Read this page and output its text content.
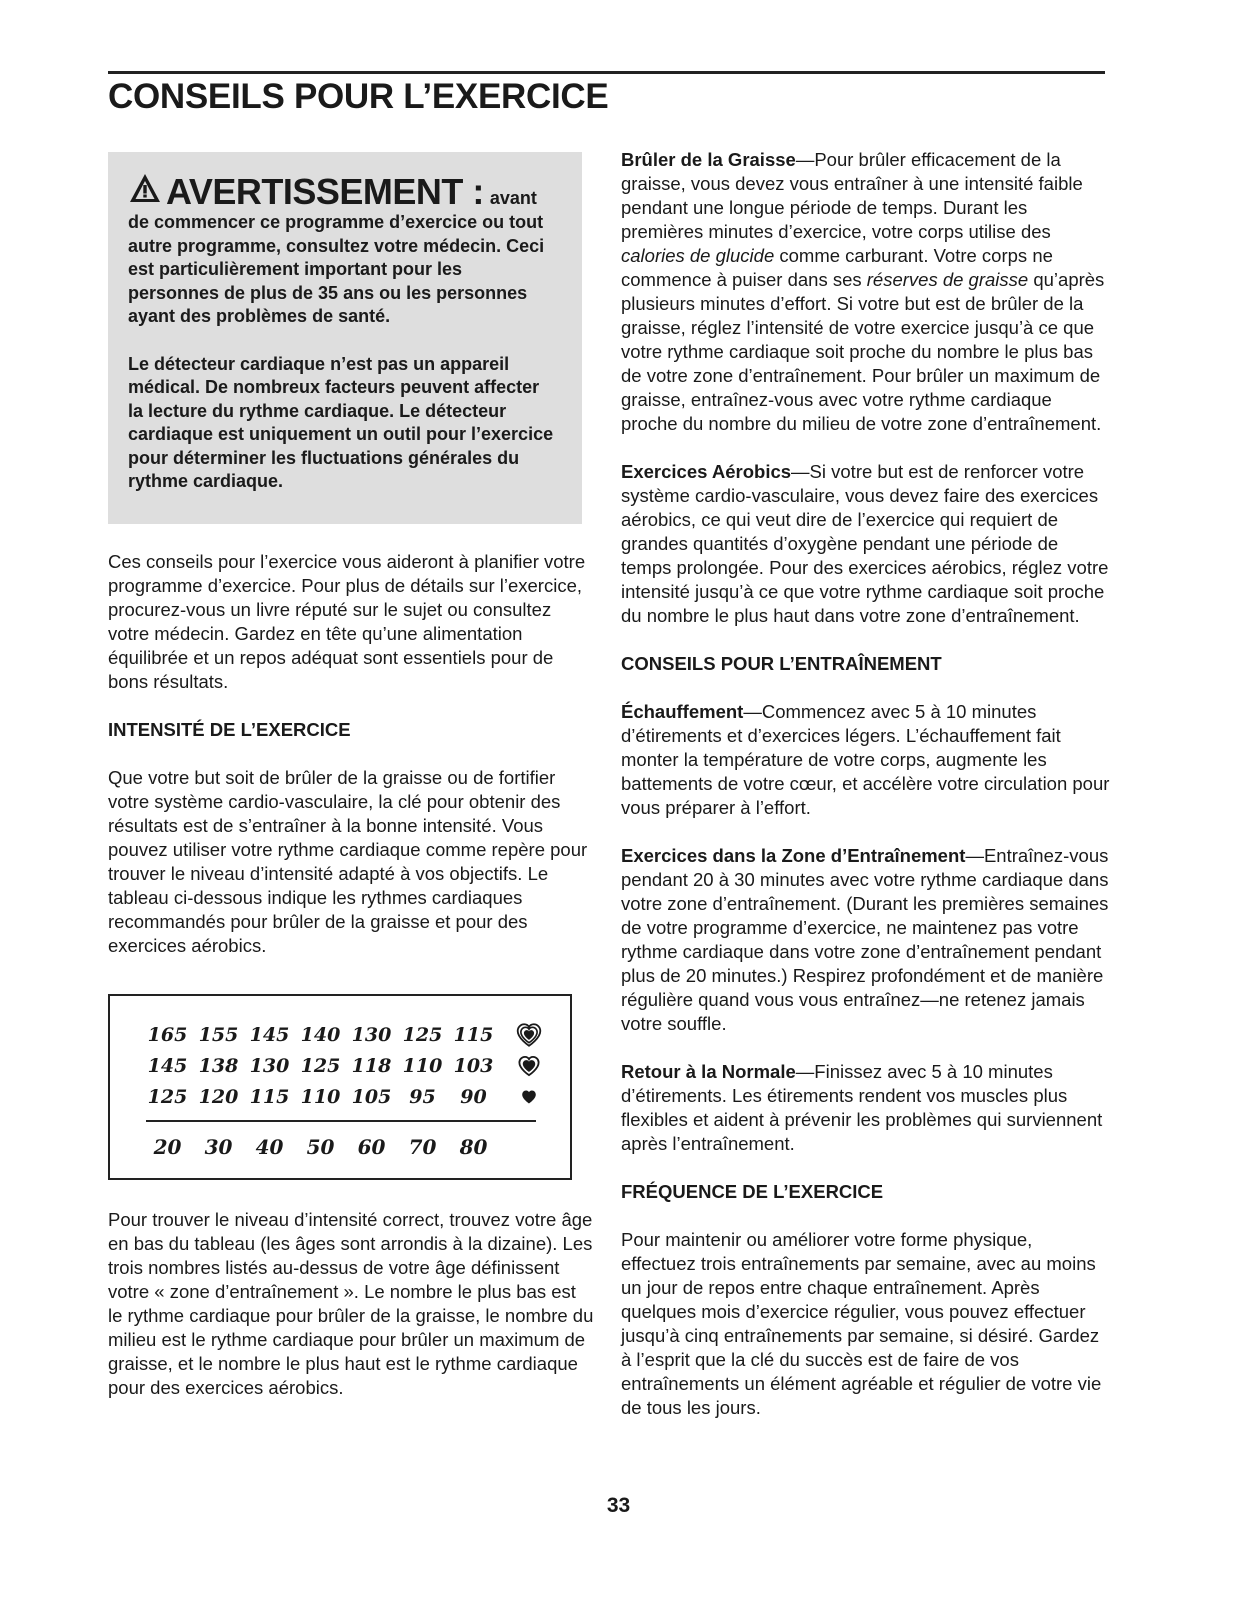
CONSEILS POUR L’EXERCICE
AVERTISSEMENT : avant

de commencer ce programme d’exercice ou tout autre programme, consultez votre médecin. Ceci est particulièrement important pour les personnes de plus de 35 ans ou les personnes ayant des problèmes de santé.

Le détecteur cardiaque n’est pas un appareil médical. De nombreux facteurs peuvent affecter la lecture du rythme cardiaque. Le détecteur cardiaque est uniquement un outil pour l’exercice pour déterminer les fluctuations générales du rythme cardiaque.

Ces conseils pour l’exercice vous aideront à planifier votre programme d’exercice. Pour plus de détails sur l’exercice, procurez-vous un livre réputé sur le sujet ou consultez votre médecin. Gardez en tête qu’une alimentation équilibrée et un repos adéquat sont essentiels pour de bons résultats.

INTENSITÉ DE L’EXERCICE

Que votre but soit de brûler de la graisse ou de fortifier votre système cardio-vasculaire, la clé pour obtenir des résultats est de s’entraîner à la bonne intensité. Vous pouvez utiliser votre rythme cardiaque comme repère pour trouver le niveau d’intensité adapté à vos objectifs. Le tableau ci-dessous indique les rythmes cardiaques recommandés pour brûler de la graisse et pour des exercices aérobics.

165 155 145 140 130 125 115
145 138 130 125 118 110 103
125 120 115 110 105 95	90
20	30	40	50	60	70	80

Pour trouver le niveau d’intensité correct, trouvez votre âge en bas du tableau (les âges sont arrondis à la dizaine). Les trois nombres listés au-dessus de votre âge définissent votre « zone d’entraînement ». Le nombre le plus bas est le rythme cardiaque pour brûler de la graisse, le nombre du milieu est le rythme cardiaque pour brûler un maximum de graisse, et le nombre le plus haut est le rythme cardiaque pour des exercices aérobics.

Brûler de la Graisse—Pour brûler efficacement de la graisse, vous devez vous entraîner à une intensité faible pendant une longue période de temps. Durant les premières minutes d’exercice, votre corps utilise des calories de glucide comme carburant. Votre corps ne commence à puiser dans ses réserves de graisse qu’après plusieurs minutes d’effort. Si votre but est de brûler de la graisse, réglez l’intensité de votre exercice jusqu’à ce que votre rythme cardiaque soit proche du nombre le plus bas de votre zone d’entraînement. Pour brûler un maximum de graisse, entraînez-vous avec votre rythme cardiaque proche du nombre du milieu de votre zone d’entraînement.

Exercices Aérobics—Si votre but est de renforcer votre système cardio-vasculaire, vous devez faire des exercices aérobics, ce qui veut dire de l’exercice qui requiert de grandes quantités d’oxygène pendant une période de temps prolongée. Pour des exercices aérobics, réglez votre intensité jusqu’à ce que votre rythme cardiaque soit proche du nombre le plus haut dans votre zone d’entraînement.

CONSEILS POUR L’ENTRAÎNEMENT

Échauffement—Commencez avec 5 à 10 minutes d’étirements et d’exercices légers. L’échauffement fait monter la température de votre corps, augmente les battements de votre cœur, et accélère votre circulation pour vous préparer à l’effort.

Exercices dans la Zone d’Entraînement—Entraînez-vous pendant 20 à 30 minutes avec votre rythme cardiaque dans votre zone d’entraînement. (Durant les premières semaines de votre programme d’exercice, ne maintenez pas votre rythme cardiaque dans votre zone d’entraînement pendant plus de 20 minutes.) Respirez profondément et de manière régulière quand vous vous entraînez—ne retenez jamais votre souffle.

Retour à la Normale—Finissez avec 5 à 10 minutes d’étirements. Les étirements rendent vos muscles plus flexibles et aident à prévenir les problèmes qui surviennent après l’entraînement.

FRÉQUENCE DE L’EXERCICE

Pour maintenir ou améliorer votre forme physique, effectuez trois entraînements par semaine, avec au moins un jour de repos entre chaque entraînement. Après quelques mois d’exercice régulier, vous pouvez effectuer jusqu’à cinq entraînements par semaine, si désiré. Gardez à l’esprit que la clé du succès est de faire de vos entraînements un élément agréable et régulier de votre vie de tous les jours.

33
